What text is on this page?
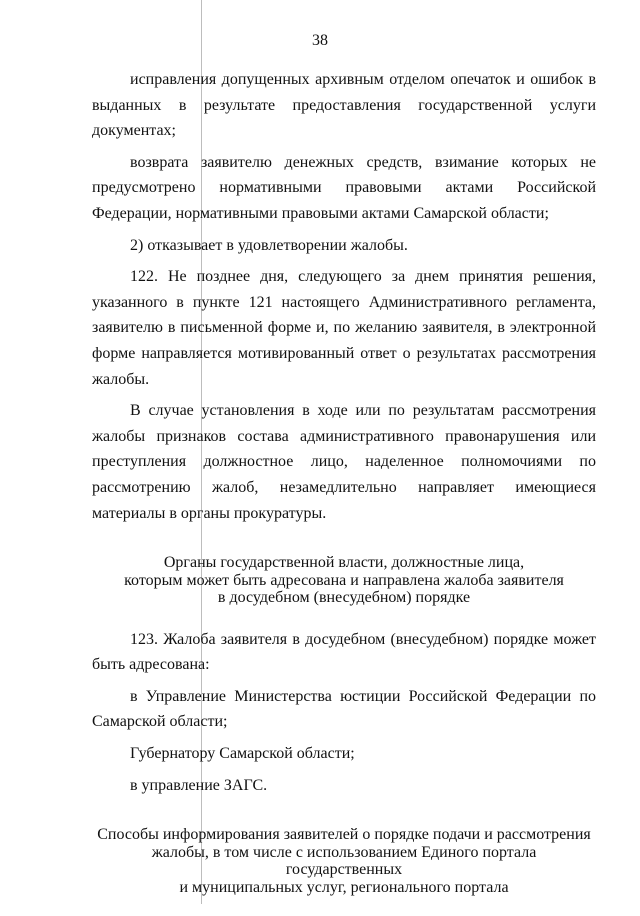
38

исправления допущенных архивным отделом опечаток и ошибок в выданных в результате предоставления государственной услуги документах;

возврата заявителю денежных средств, взимание которых не предусмотрено нормативными правовыми актами Российской Федерации, нормативными правовыми актами Самарской области;

2) отказывает в удовлетворении жалобы.

122. Не позднее дня, следующего за днем принятия решения, указанного в пункте 121 настоящего Административного регламента, заявителю в письменной форме и, по желанию заявителя, в электронной форме направляется мотивированный ответ о результатах рассмотрения жалобы.

В случае установления в ходе или по результатам рассмотрения жалобы признаков состава административного правонарушения или преступления должностное лицо, наделенное полномочиями по рассмотрению жалоб, незамедлительно направляет имеющиеся материалы в органы прокуратуры.

Органы государственной власти, должностные лица,
которым может быть адресована и направлена жалоба заявителя
в досудебном (внесудебном) порядке

123. Жалоба заявителя в досудебном (внесудебном) порядке может быть адресована:

в Управление Министерства юстиции Российской Федерации по Самарской области;

Губернатору Самарской области;

в управление ЗАГС.

Способы информирования заявителей о порядке подачи и рассмотрения
жалобы, в том числе с использованием Единого портала государственных
и муниципальных услуг, регионального портала
